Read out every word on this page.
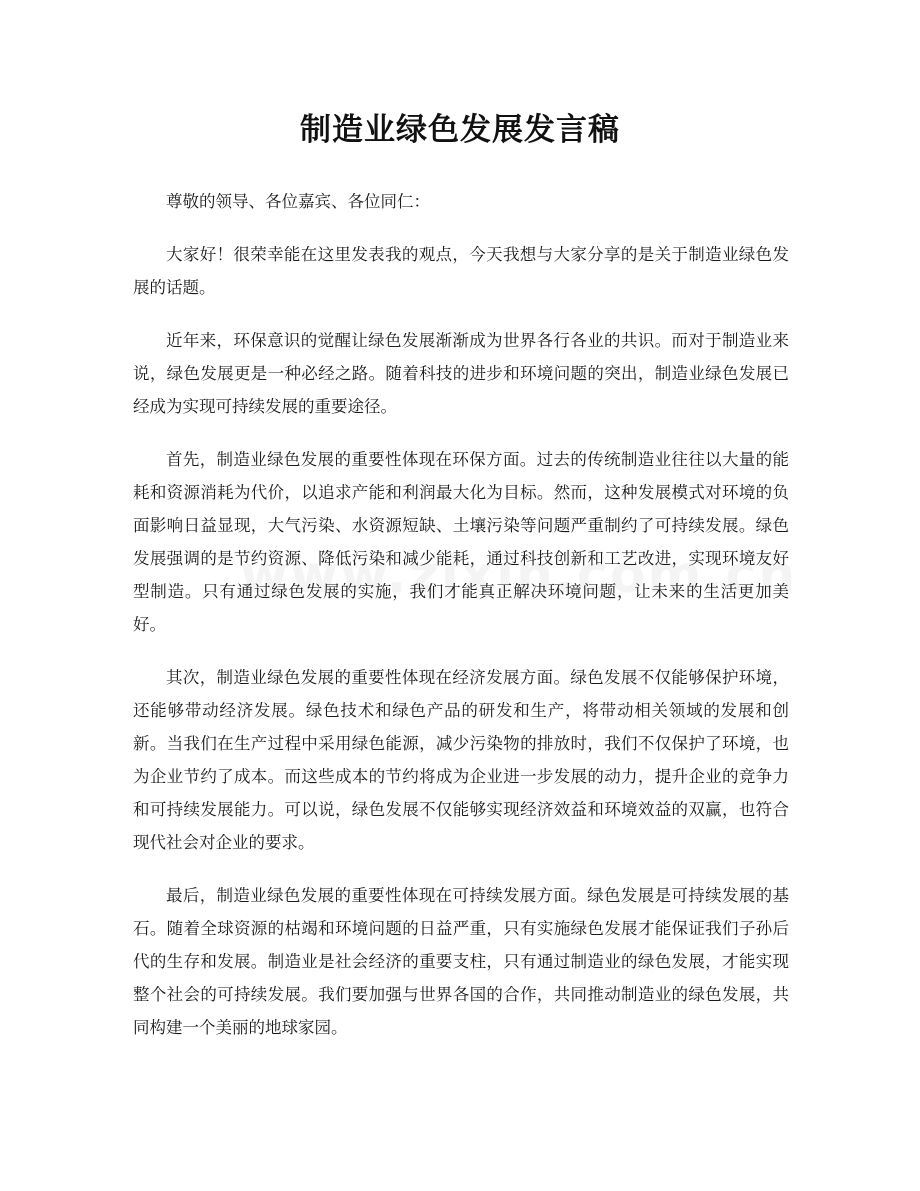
制造业绿色发展发言稿

尊敬的领导、各位嘉宾、各位同仁：

大家好！很荣幸能在这里发表我的观点，今天我想与大家分享的是关于制造业绿色发展的话题。

近年来，环保意识的觉醒让绿色发展渐渐成为世界各行各业的共识。而对于制造业来说，绿色发展更是一种必经之路。随着科技的进步和环境问题的突出，制造业绿色发展已经成为实现可持续发展的重要途径。

首先，制造业绿色发展的重要性体现在环保方面。过去的传统制造业往往以大量的能耗和资源消耗为代价，以追求产能和利润最大化为目标。然而，这种发展模式对环境的负面影响日益显现，大气污染、水资源短缺、土壤污染等问题严重制约了可持续发展。绿色发展强调的是节约资源、降低污染和减少能耗，通过科技创新和工艺改进，实现环境友好型制造。只有通过绿色发展的实施，我们才能真正解决环境问题，让未来的生活更加美好。

其次，制造业绿色发展的重要性体现在经济发展方面。绿色发展不仅能够保护环境，还能够带动经济发展。绿色技术和绿色产品的研发和生产，将带动相关领域的发展和创新。当我们在生产过程中采用绿色能源，减少污染物的排放时，我们不仅保护了环境，也为企业节约了成本。而这些成本的节约将成为企业进一步发展的动力，提升企业的竞争力和可持续发展能力。可以说，绿色发展不仅能够实现经济效益和环境效益的双赢，也符合现代社会对企业的要求。

最后，制造业绿色发展的重要性体现在可持续发展方面。绿色发展是可持续发展的基石。随着全球资源的枯竭和环境问题的日益严重，只有实施绿色发展才能保证我们子孙后代的生存和发展。制造业是社会经济的重要支柱，只有通过制造业的绿色发展，才能实现整个社会的可持续发展。我们要加强与世界各国的合作，共同推动制造业的绿色发展，共同构建一个美丽的地球家园。
